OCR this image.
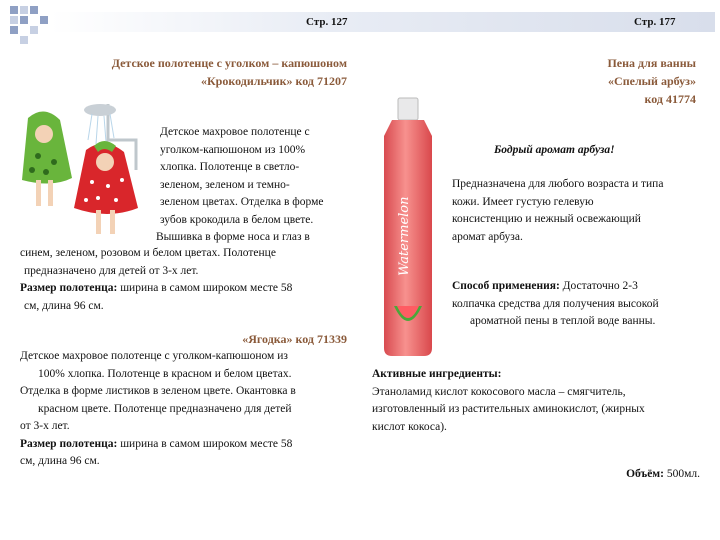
Стр. 127	Стр. 177
Детское полотенце с уголком – капюшоном
«Крокодильчик» код 71207
Детское махровое полотенце с
уголком-капюшоном из 100%
хлопка. Полотенце в светло-
зеленом, зеленом и темно-
зеленом цветах. Отделка в форме
зубов крокодила в белом цвете.
Вышивка в форме носа и глаз в
синем, зеленом, розовом и белом цветах. Полотенце
предназначено для детей от 3-х лет.
Размер полотенца: ширина в самом широком месте 58
см, длина 96 см.
«Ягодка» код 71339
Детское махровое полотенце с уголком-капюшоном из
100% хлопка. Полотенце в красном и белом цветах.
Отделка в форме листиков в зеленом цвете. Окантовка в
красном цвете. Полотенце предназначено для детей
от 3-х лет.
Размер полотенца: ширина в самом широком месте 58
см, длина 96 см.
Пена для ванны
«Спелый арбуз»
код 41774
Watermelon
Бодрый аромат арбуза!
Предназначена для любого возраста и типа
кожи. Имеет густую гелевую
консистенцию и нежный освежающий
аромат арбуза.
Способ применения: Достаточно 2-3
колпачка средства для получения высокой
ароматной пены в теплой воде ванны.
Активные ингредиенты:
Этаноламид кислот кокосового масла – смягчитель,
изготовленный из растительных аминокислот, (жирных
кислот кокоса).
Объём: 500мл.
